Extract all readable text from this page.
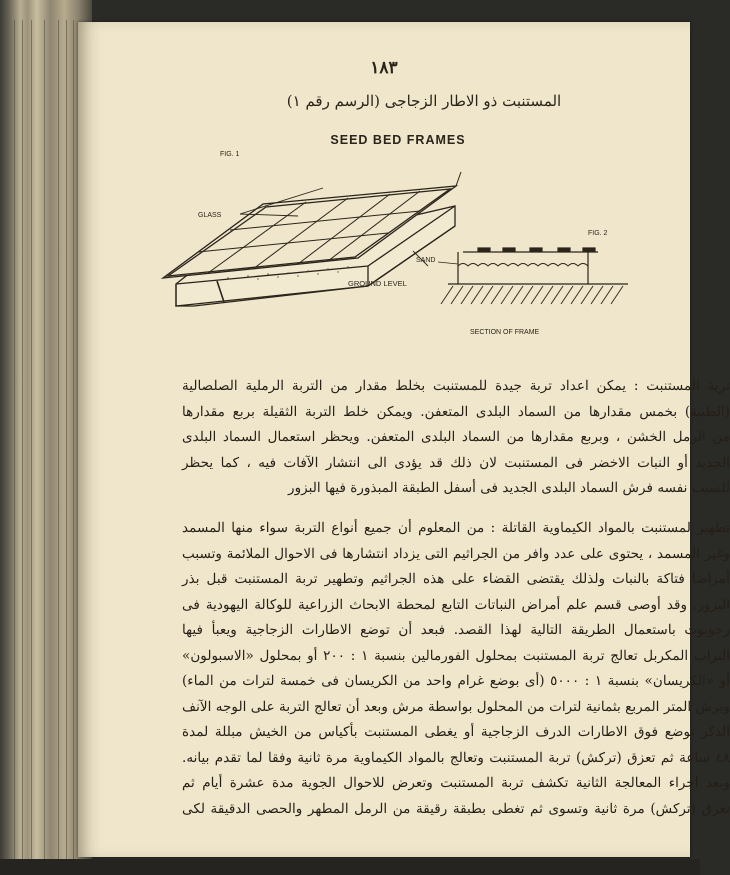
١٨٣
المستنبت ذو الاطار الزجاجى (الرسم رقم ١)
SEED BED FRAMES
FIG. 1
GLASS
GROUND LEVEL
FIG. 2
SAND
SECTION OF FRAME
تربة المستنبت : يمكن اعداد تربة جيدة للمستنبت بخلط مقدار من التربة الرملية الصلصالية
(الطينة) بخمس مقدارها من السماد البلدى المتعفن. ويمكن خلط التربة الثقيلة بربع مقدارها
من الرمل الخشن ، وبربع مقدارها من السماد البلدى المتعفن. ويحظر استعمال السماد البلدى
الجديد أو النبات الاخضر فى المستنبت لان ذلك قد يؤدى الى انتشار الآفات فيه ، كما يحظر
للسبب نفسه فرش السماد البلدى الجديد فى أسفل الطبقة المبذورة فيها البزور
تطهير لمستنبت بالمواد الكيماوية القاتلة : من المعلوم أن جميع أنواع التربة سواء منها المسمد
وغير المسمد ، يحتوى على عدد وافر من الجراثيم التى يزداد انتشارها فى الاحوال الملائمة وتسبب
أمراضا فتاكة بالنبات ولذلك يقتضى القضاء على هذه الجراثيم وتطهير تربة المستنبت قبل بذر
البزور. وقد أوصى قسم علم أمراض النباتات التابع لمحطة الابحاث الزراعية للوكالة اليهودية فى
رحوبوت باستعمال الطريقة التالية لهذا القصد. فبعد أن توضع الاطارات الزجاجية ويعبأ فيها
التراب المكربل تعالج تربة المستنبت بمحلول الفورمالين بنسبة ١ : ٢٠٠ أو بمحلول «الاسبولون»
أو «الكريسان» بنسبة ١ : ٥٠٠٠ (أى بوضع غرام واحد من الكريسان فى خمسة لترات من الماء)
ويرش المتر المربع بثمانية لترات من المحلول بواسطة مرش وبعد أن تعالج التربة على الوجه الآنف
الذكر توضع فوق الاطارات الدرف الزجاجية أو يغطى المستنبت بأكياس من الخيش مبللة لمدة
٤٨ ساعة ثم تعزق (تركش) تربة المستنبت وتعالج بالمواد الكيماوية مرة ثانية وفقا لما تقدم بيانه.
وبعد اجراء المعالجة الثانية تكشف تربة المستنبت وتعرض للاحوال الجوية مدة عشرة أيام ثم
تعزق (تركش) مرة ثانية وتسوى ثم تغطى بطبقة رقيقة من الرمل المطهر والحصى الدقيقة لكى
